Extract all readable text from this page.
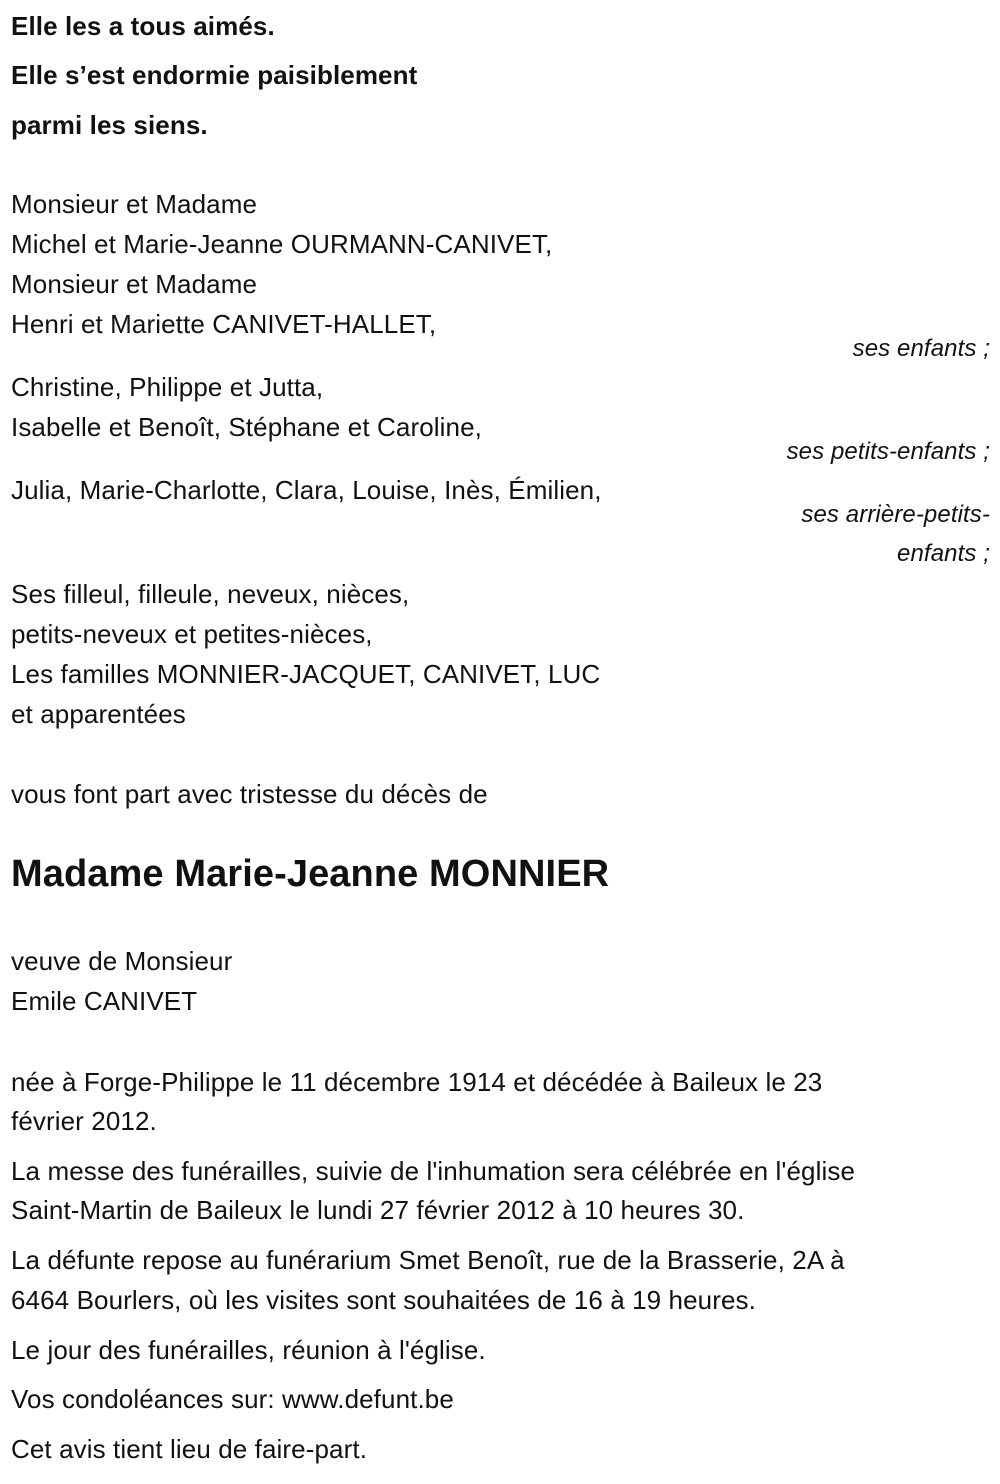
Elle les a tous aimés.
Elle s’est endormie paisiblement
parmi les siens.
Monsieur et Madame
Michel et Marie-Jeanne OURMANN-CANIVET,
Monsieur et Madame
Henri et Mariette CANIVET-HALLET,
ses enfants ;
Christine, Philippe et Jutta,
Isabelle et Benoît, Stéphane et Caroline,
ses petits-enfants ;
Julia, Marie-Charlotte, Clara, Louise, Inès, Émilien,
ses arrière-petits-
enfants ;
Ses filleul, filleule, neveux, nièces,
petits-neveux et petites-nièces,
Les familles MONNIER-JACQUET, CANIVET, LUC
et apparentées
vous font part avec tristesse du décès de
Madame Marie-Jeanne MONNIER
veuve de Monsieur
Emile CANIVET
née à Forge-Philippe le 11 décembre 1914 et décédée à Baileux le 23
février 2012.
La messe des funérailles, suivie de l'inhumation sera célébrée en l'église
Saint-Martin de Baileux le lundi 27 février 2012 à 10 heures 30.
La défunte repose au funérarium Smet Benoît, rue de la Brasserie, 2A à
6464 Bourlers, où les visites sont souhaitées de 16 à 19 heures.
Le jour des funérailles, réunion à l'église.
Vos condoléances sur: www.defunt.be
Cet avis tient lieu de faire-part.
